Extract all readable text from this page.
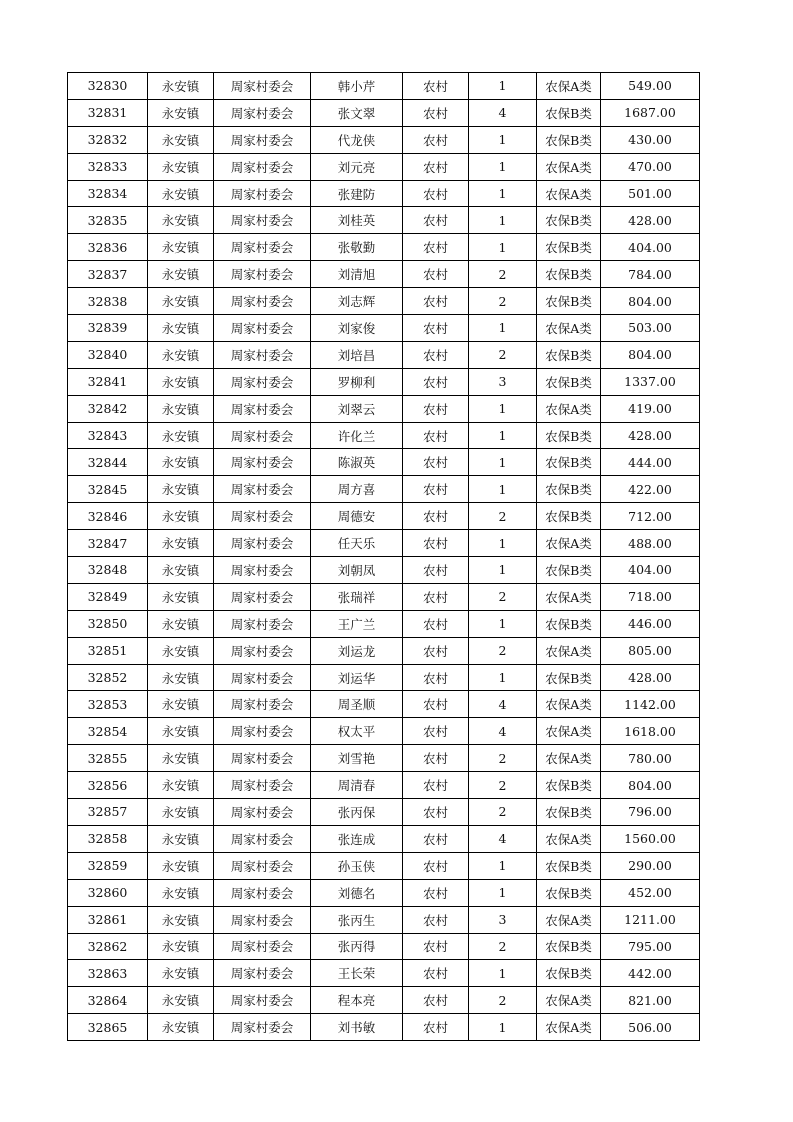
32830	永安镇	周家村委会	韩小芹	农村	1	农保A类	549.00
32831	永安镇	周家村委会	张文翠	农村	4	农保B类	1687.00
32832	永安镇	周家村委会	代龙侠	农村	1	农保B类	430.00
32833	永安镇	周家村委会	刘元亮	农村	1	农保A类	470.00
32834	永安镇	周家村委会	张建防	农村	1	农保A类	501.00
32835	永安镇	周家村委会	刘桂英	农村	1	农保B类	428.00
32836	永安镇	周家村委会	张敬勤	农村	1	农保B类	404.00
32837	永安镇	周家村委会	刘清旭	农村	2	农保B类	784.00
32838	永安镇	周家村委会	刘志辉	农村	2	农保B类	804.00
32839	永安镇	周家村委会	刘家俊	农村	1	农保A类	503.00
32840	永安镇	周家村委会	刘培昌	农村	2	农保B类	804.00
32841	永安镇	周家村委会	罗柳利	农村	3	农保B类	1337.00
32842	永安镇	周家村委会	刘翠云	农村	1	农保A类	419.00
32843	永安镇	周家村委会	许化兰	农村	1	农保B类	428.00
32844	永安镇	周家村委会	陈淑英	农村	1	农保B类	444.00
32845	永安镇	周家村委会	周方喜	农村	1	农保B类	422.00
32846	永安镇	周家村委会	周德安	农村	2	农保B类	712.00
32847	永安镇	周家村委会	任天乐	农村	1	农保A类	488.00
32848	永安镇	周家村委会	刘朝凤	农村	1	农保B类	404.00
32849	永安镇	周家村委会	张瑞祥	农村	2	农保A类	718.00
32850	永安镇	周家村委会	王广兰	农村	1	农保B类	446.00
32851	永安镇	周家村委会	刘运龙	农村	2	农保A类	805.00
32852	永安镇	周家村委会	刘运华	农村	1	农保B类	428.00
32853	永安镇	周家村委会	周圣顺	农村	4	农保A类	1142.00
32854	永安镇	周家村委会	权太平	农村	4	农保A类	1618.00
32855	永安镇	周家村委会	刘雪艳	农村	2	农保A类	780.00
32856	永安镇	周家村委会	周清春	农村	2	农保B类	804.00
32857	永安镇	周家村委会	张丙保	农村	2	农保B类	796.00
32858	永安镇	周家村委会	张连成	农村	4	农保A类	1560.00
32859	永安镇	周家村委会	孙玉侠	农村	1	农保B类	290.00
32860	永安镇	周家村委会	刘德名	农村	1	农保B类	452.00
32861	永安镇	周家村委会	张丙生	农村	3	农保A类	1211.00
32862	永安镇	周家村委会	张丙得	农村	2	农保B类	795.00
32863	永安镇	周家村委会	王长荣	农村	1	农保B类	442.00
32864	永安镇	周家村委会	程本亮	农村	2	农保A类	821.00
32865	永安镇	周家村委会	刘书敏	农村	1	农保A类	506.00
